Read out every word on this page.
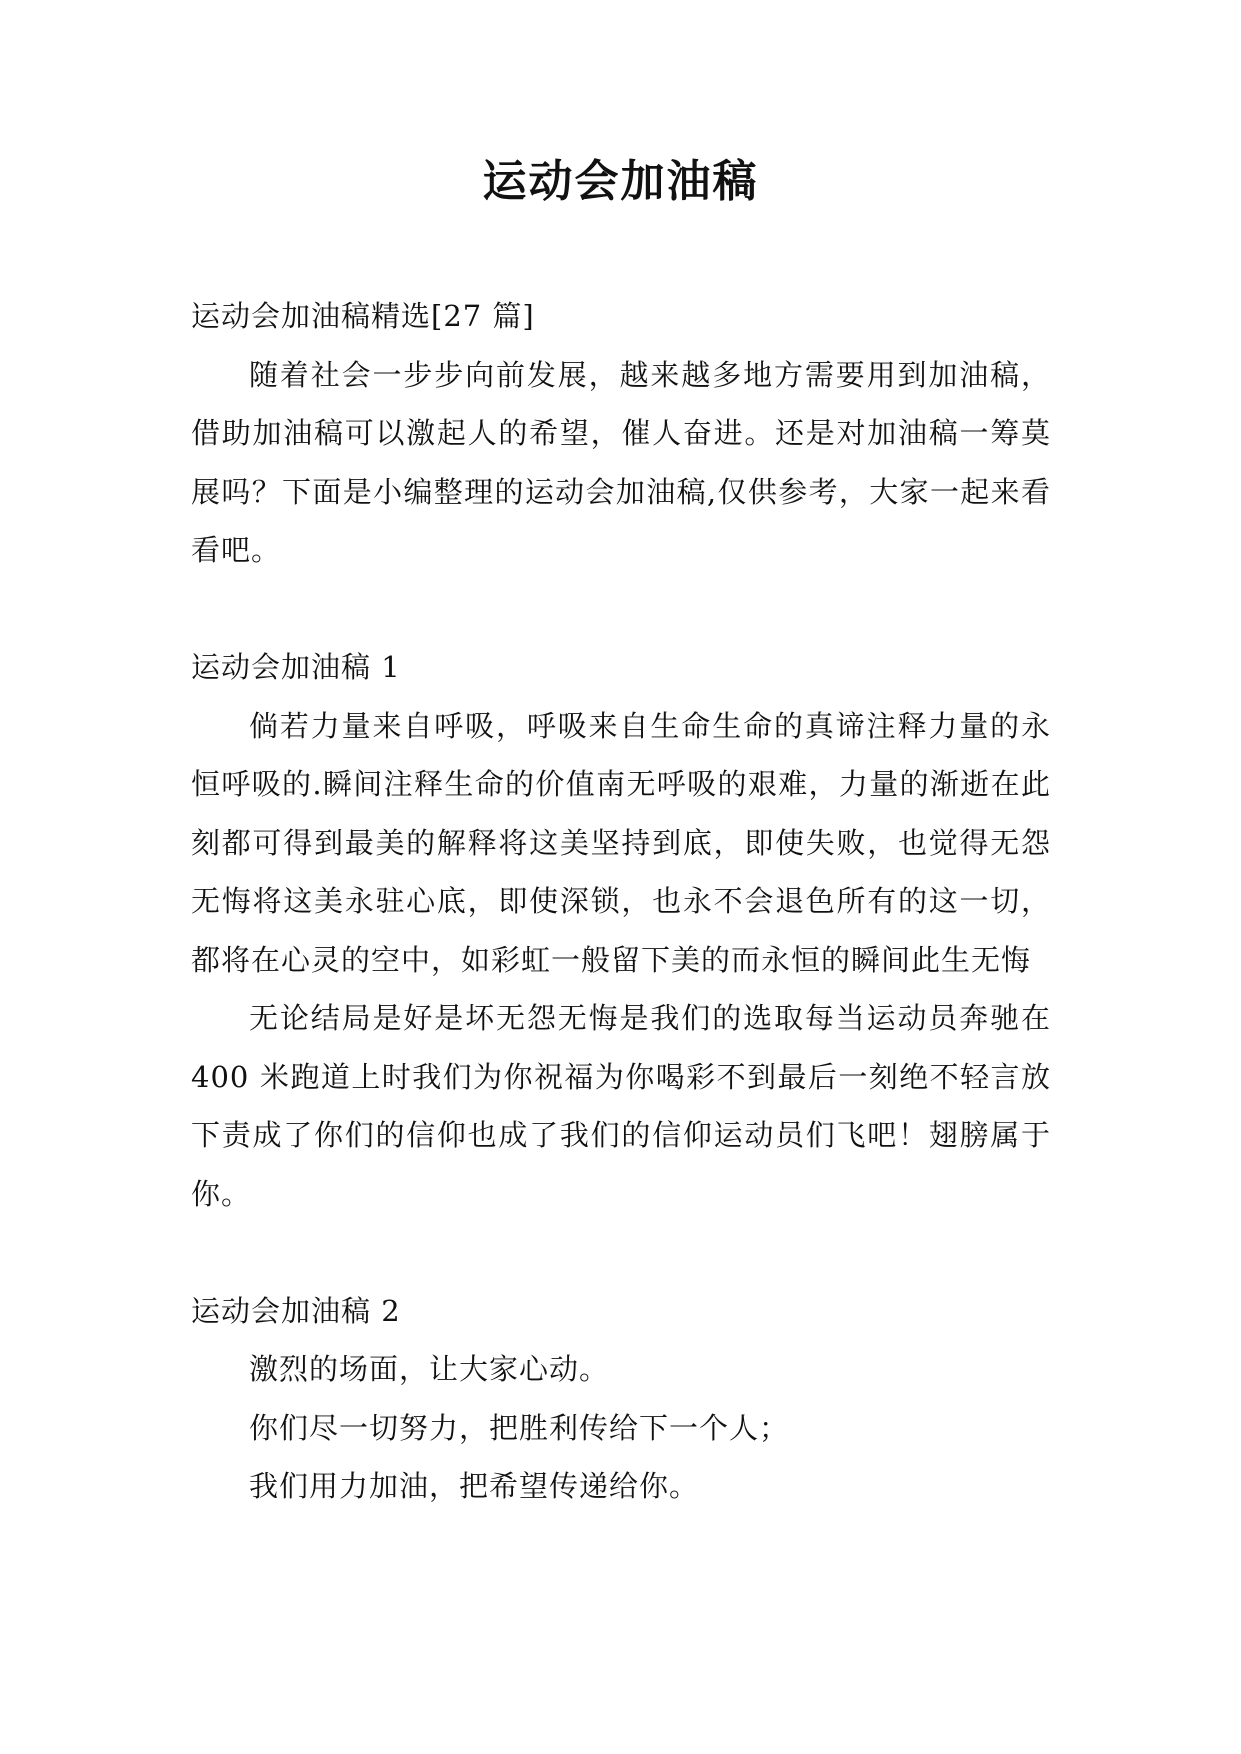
运动会加油稿

运动会加油稿精选[27 篇]

随着社会一步步向前发展，越来越多地方需要用到加油稿，借助加油稿可以激起人的希望，催人奋进。还是对加油稿一筹莫展吗？下面是小编整理的运动会加油稿,仅供参考，大家一起来看看吧。

运动会加油稿 1

倘若力量来自呼吸，呼吸来自生命生命的真谛注释力量的永恒呼吸的.瞬间注释生命的价值南无呼吸的艰难，力量的渐逝在此刻都可得到最美的解释将这美坚持到底，即使失败，也觉得无怨无悔将这美永驻心底，即使深锁，也永不会退色所有的这一切，都将在心灵的空中，如彩虹一般留下美的而永恒的瞬间此生无悔

无论结局是好是坏无怨无悔是我们的选取每当运动员奔驰在 400 米跑道上时我们为你祝福为你喝彩不到最后一刻绝不轻言放下责成了你们的信仰也成了我们的信仰运动员们飞吧！翅膀属于你。

运动会加油稿 2

激烈的场面，让大家心动。

你们尽一切努力，把胜利传给下一个人；

我们用力加油，把希望传递给你。
